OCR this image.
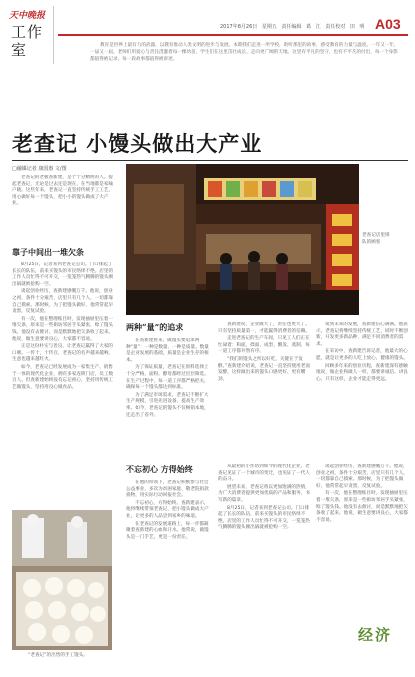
天中晚报
工作室
2017年8月26日 星期五 责任编辑 葛 江 责任校对 田 明 A03
教育是世界上最有力的武器，以教育推动人类文明的进步与发展。本期我们走进一所学校，聆听那里的故事，感受教育的力量与温度。一年又一年，一届又一届，老师们用爱心与责任浇灌着每一棵幼苗，学生们在这里茁壮成长，走向更广阔的天地。这里有平凡的坚守，也有不平凡的付出，每一个身影都值得被记录，每一段故事都值得被讲述。
老查记 小馒头做出大产业
□融媒记者 康国惠 文/图

老查记的老板查新建，是个十分精明的人。提起老查记，无论是过去还是现在，在当地都是家喻户晓。这些年来，老查记一直坚持传统手工工艺，用心做好每一个馒头，把小小的馒头做成了大产业。

靠子中间出一堆欠条

8月25日，记者来到老查记公司。门口排起了长长的队伍，前来买馒头的市民络绎不绝。店里的工作人员忙得不可开交，一笼笼热气腾腾的馒头刚出锅就被抢购一空。

谈起创业经历，查新建感慨万千。他说，创业之初，条件十分艰苦，店里只有几个人，一切都靠自己摸索。那时候，为了把馒头做好，他常常起早贪黑，反复试验。

有一次，他在整理账目时，发现抽屉里压着一堆欠条，原来是一些街坊邻居手头紧张，赊了馒头钱。他没有去催讨，而是默默地把欠条收了起来。他说，做生意要讲良心，大家都不容易。

正是这份朴实与善良，让老查记赢得了大家的口碑。一传十，十传百，老查记的名声越来越响，生意也越来越红火。

如今，老查记已经发展成为一家集生产、销售于一体的现代化企业，拥有多家连锁门店，员工数百人。但查新建始终没有忘记初心，坚持用传统工艺做馒头，坚持用良心做食品。

老查记店里排队的顾客
两种“量”的追求

在查新建看来，做馒头要追求两种“量”：一种是数量，一种是质量。数量是企业发展的基础，质量是企业生存的根本。

为了保证质量，老查记在原料选择上十分严格，面粉、酵母都经过层层筛选。在生产过程中，每一道工序都严格把关，确保每一个馒头都达到标准。

为了满足市场需求，老查记不断扩大生产规模，引进先进设备，提高生产效率。如今，老查记的馒头不仅畅销本地，还走出了省外。

查新建说，企业做大了，责任也更大了。只有坚持质量第一，才能赢得消费者的信赖。

走进老查记的生产车间，只见工人们正在忙碌着：和面、揉面、成型、醒发、蒸制，每一道工序都井然有序。

“我们的馒头之所以好吃，关键在于发酵。”查新建介绍说，老查记一直坚持使用老面发酵，这样做出来的馒头口感更好、更有嚼劲。

谈到未来的发展，查新建信心满满。他表示，老查记将继续坚持传统工艺，同时不断创新，开发更多新品种，满足不同消费者的需求。

在采访中，查新建告诉记者，他最大的心愿，就是让更多的人吃上放心、健康的馒头。

回顾多年来的创业历程，查新建深有感触地说，做企业和做人一样，都要讲诚信、讲良心。只有这样，企业才能走得更远。

不忘初心 方得始终

在他的带领下，老查记积极参与社会公益事业，多次为贫困家庭、敬老院捐款捐物，用实际行动回报社会。

不忘初心，方得始终。查新建表示，他将继续带领老查记，把小馒头做成大产业，让更多的人品尝到家乡的味道。

在老查记的发展道路上，每一步都凝聚着查新建的心血和汗水。他常说，做馒头是一门手艺，更是一份责任。

从最初的小作坊到如今的现代化企业，老查记见证了一个城市的变迁，也见证了一代人的奋斗。

展望未来，老查记将以更加饱满的热情，为广大消费者提供更加优质的产品和服务，书写新的篇章。

8月25日，记者来到老查记公司。门口排起了长长的队伍，前来买馒头的市民络绎不绝。店里的工作人员忙得不可开交，一笼笼热气腾腾的馒头刚出锅就被抢购一空。

谈起创业经历，查新建感慨万千。他说，创业之初，条件十分艰苦，店里只有几个人，一切都靠自己摸索。那时候，为了把馒头做好，他常常起早贪黑，反复试验。

有一次，他在整理账目时，发现抽屉里压着一堆欠条，原来是一些街坊邻居手头紧张，赊了馒头钱。他没有去催讨，而是默默地把欠条收了起来。他说，做生意要讲良心，大家都不容易。

“老查记”的出售的手工馒头。
经济
